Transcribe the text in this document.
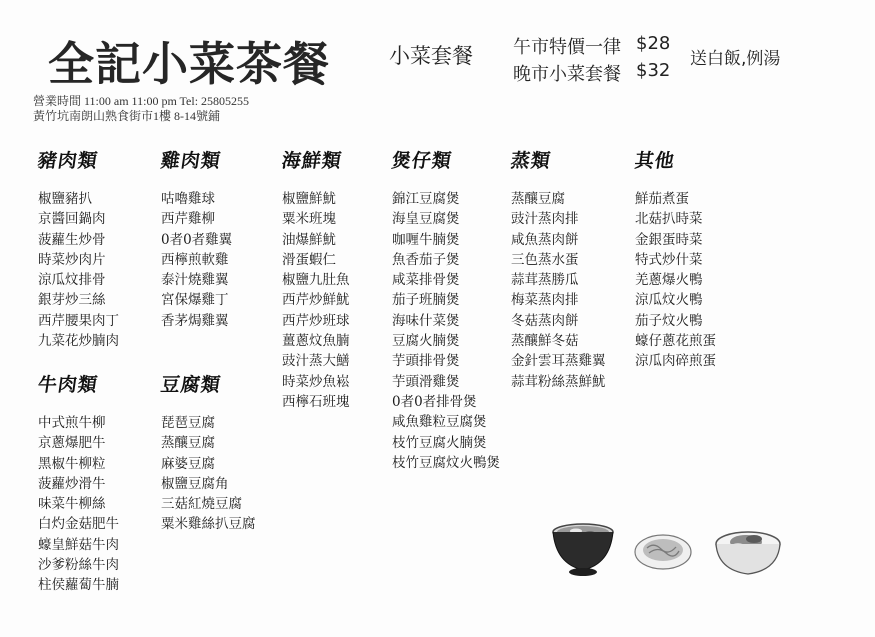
全記小菜茶餐	小菜套餐 午市特價一律 $28
晚市小菜套餐 $32
送白飯,例湯
營業時間 11:00 am 11:00 pm Tel: 25805255
黃竹坑南朗山熟食街市1樓 8-14號鋪
豬肉類
椒鹽豬扒
京醬回鍋肉
菠蘿生炒骨
時菜炒肉片
涼瓜炆排骨
銀芽炒三絲
西芹腰果肉丁
九菜花炒腩肉
雞肉類
咕嚕雞球
西芹雞柳
0者0者雞翼
西檸煎軟雞
泰汁燒雞翼
宮保爆雞丁
香茅焗雞翼
海鮮類
椒鹽鮮魷
粟米班塊
油爆鮮魷
滑蛋蝦仁
椒鹽九肚魚
西芹炒鮮魷
西芹炒班球
薑蔥炆魚腩
豉汁蒸大鱔
時菜炒魚崧
西檸石班塊
煲仔類
錦江豆腐煲
海皇豆腐煲
咖喱牛腩煲
魚香茄子煲
咸菜排骨煲
茄子班腩煲
海味什菜煲
豆腐火腩煲
芋頭排骨煲
芋頭滑雞煲
0者0者排骨煲
咸魚雞粒豆腐煲
枝竹豆腐火腩煲
枝竹豆腐炆火鴨煲
蒸類
蒸釀豆腐
豉汁蒸肉排
咸魚蒸肉餅
三色蒸水蛋
蒜茸蒸勝瓜
梅菜蒸肉排
冬菇蒸肉餅
蒸釀鮮冬菇
金針雲耳蒸雞翼
蒜茸粉絲蒸鮮魷
其他
鮮茄煮蛋
北菇扒時菜
金銀蛋時菜
特式炒什菜
羌蔥爆火鴨
涼瓜炆火鴨
茄子炆火鴨
蠔仔蔥花煎蛋
涼瓜肉碎煎蛋
牛肉類
中式煎牛柳
京蔥爆肥牛
黑椒牛柳粒
菠蘿炒滑牛
味菜牛柳絲
白灼金菇肥牛
蠔皇鮮菇牛肉
沙爹粉絲牛肉
柱侯蘿蔔牛腩
豆腐類
琵琶豆腐
蒸釀豆腐
麻婆豆腐
椒鹽豆腐角
三菇紅燒豆腐
粟米雞絲扒豆腐
